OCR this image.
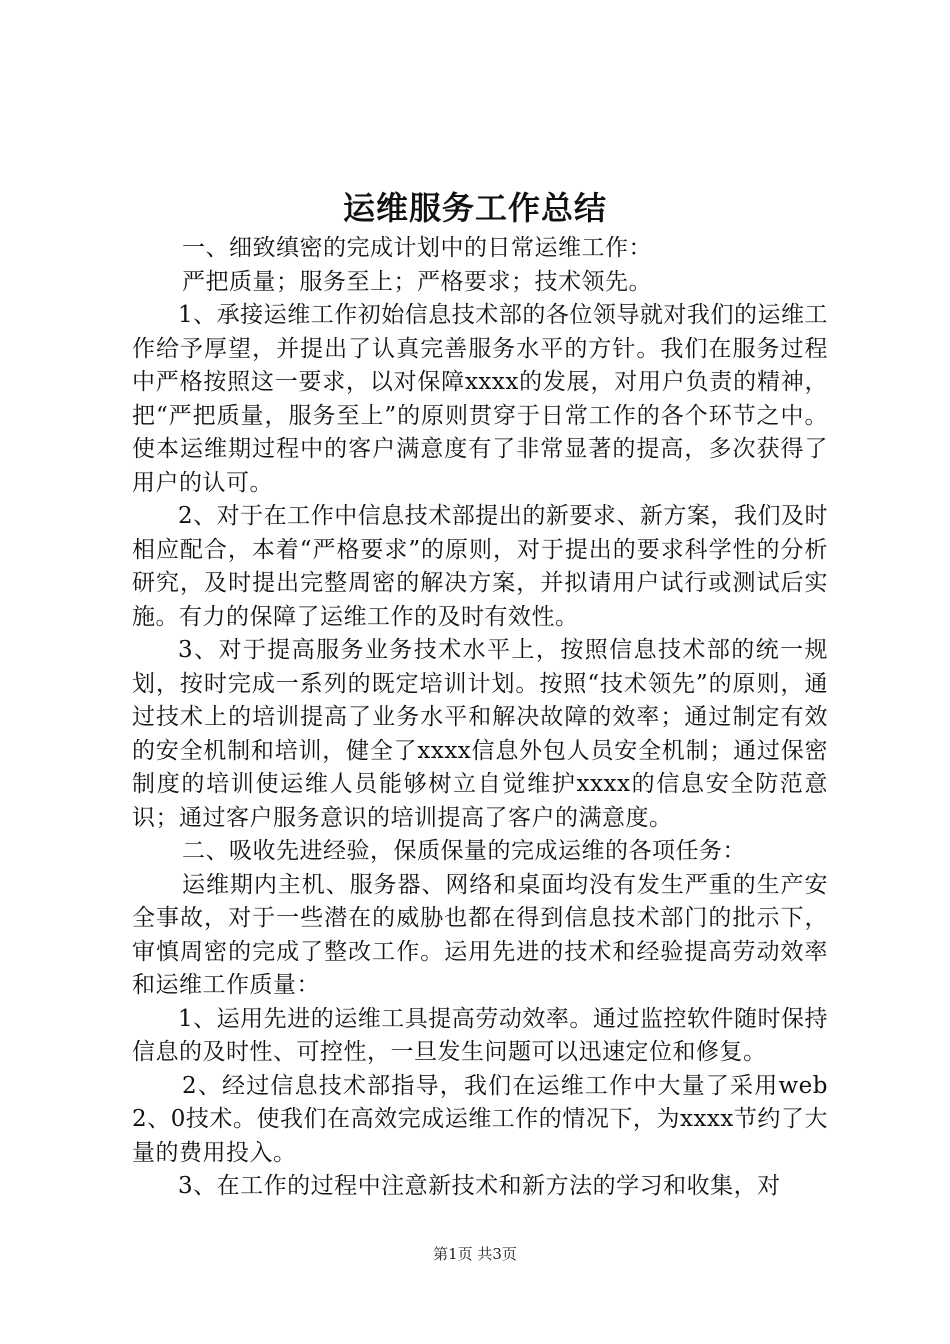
运维服务工作总结

一、细致缜密的完成计划中的日常运维工作：

严把质量；服务至上；严格要求；技术领先。

1、承接运维工作初始信息技术部的各位领导就对我们的运维工作给予厚望，并提出了认真完善服务水平的方针。我们在服务过程中严格按照这一要求，以对保障xxxx的发展，对用户负责的精神，把“严把质量，服务至上”的原则贯穿于日常工作的各个环节之中。使本运维期过程中的客户满意度有了非常显著的提高，多次获得了用户的认可。

2、对于在工作中信息技术部提出的新要求、新方案，我们及时相应配合，本着“严格要求”的原则，对于提出的要求科学性的分析研究，及时提出完整周密的解决方案，并拟请用户试行或测试后实施。有力的保障了运维工作的及时有效性。

3、对于提高服务业务技术水平上，按照信息技术部的统一规划，按时完成一系列的既定培训计划。按照“技术领先”的原则，通过技术上的培训提高了业务水平和解决故障的效率；通过制定有效的安全机制和培训，健全了xxxx信息外包人员安全机制；通过保密制度的培训使运维人员能够树立自觉维护xxxx的信息安全防范意识；通过客户服务意识的培训提高了客户的满意度。

二、吸收先进经验，保质保量的完成运维的各项任务：

运维期内主机、服务器、网络和桌面均没有发生严重的生产安全事故，对于一些潜在的威胁也都在得到信息技术部门的批示下，审慎周密的完成了整改工作。运用先进的技术和经验提高劳动效率和运维工作质量：

1、运用先进的运维工具提高劳动效率。通过监控软件随时保持信息的及时性、可控性，一旦发生问题可以迅速定位和修复。

2、经过信息技术部指导，我们在运维工作中大量了采用web2、0技术。使我们在高效完成运维工作的情况下，为xxxx节约了大量的费用投入。

3、在工作的过程中注意新技术和新方法的学习和收集，对

第1页 共3页
